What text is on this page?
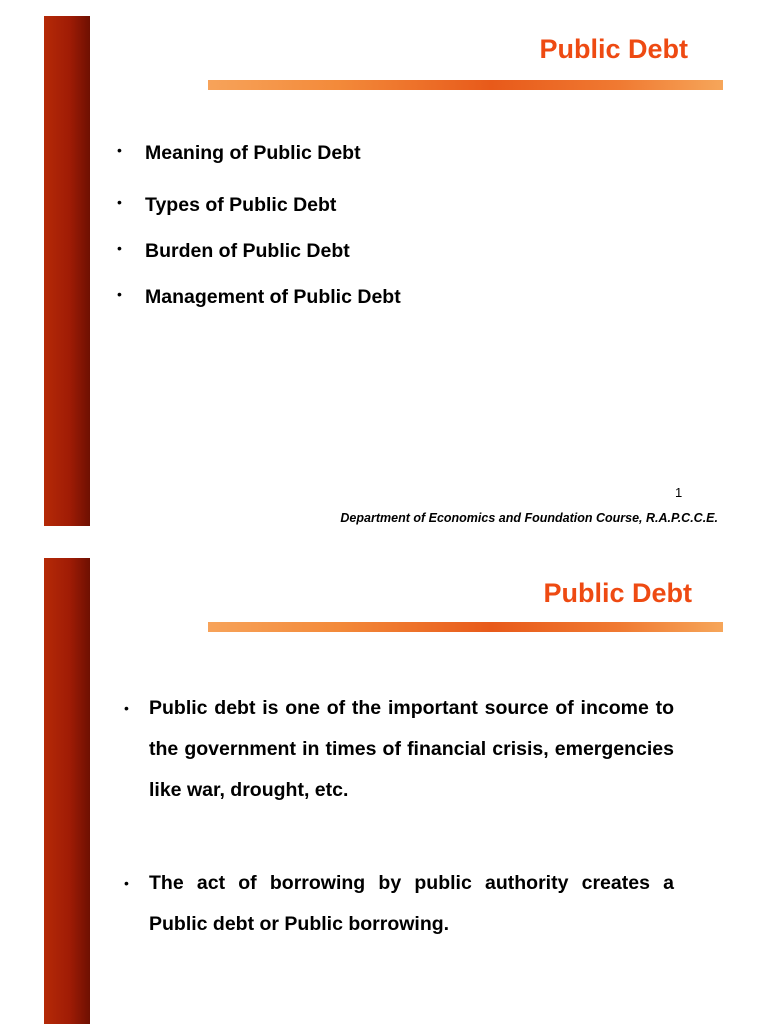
Public Debt
•	Meaning of Public Debt
•	Types of Public Debt
•	Burden of Public Debt
•	Management of Public Debt
1
Department of Economics and Foundation Course, R.A.P.C.C.E.
Public Debt
•	Public debt is one of the important source of income to the government in times of financial crisis, emergencies like war, drought, etc.
•	The act of borrowing by public authority creates a Public debt or Public borrowing.
